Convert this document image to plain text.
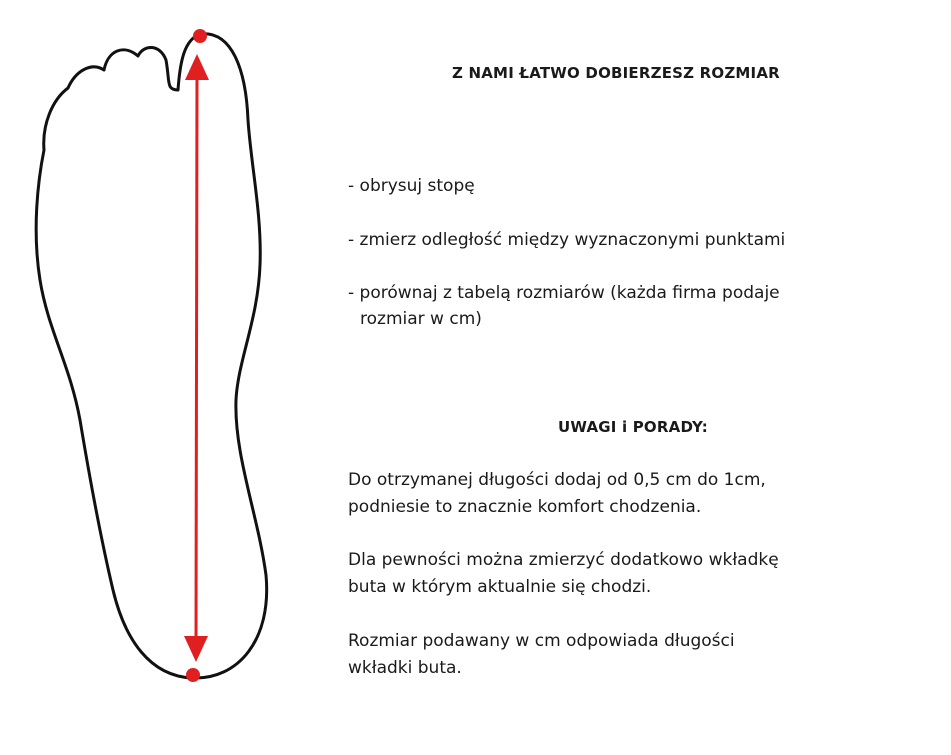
Z NAMI ŁATWO DOBIERZESZ ROZMIAR
- obrysuj stopę
- zmierz odległość między wyznaczonymi punktami
- porównaj z tabelą rozmiarów (każda firma podaje
rozmiar w cm)
UWAGI i PORADY:
Do otrzymanej długości dodaj od 0,5 cm do 1cm,
podniesie to znacznie komfort chodzenia.
Dla pewności można zmierzyć dodatkowo wkładkę
buta w którym aktualnie się chodzi.
Rozmiar podawany w cm odpowiada długości
wkładki buta.
